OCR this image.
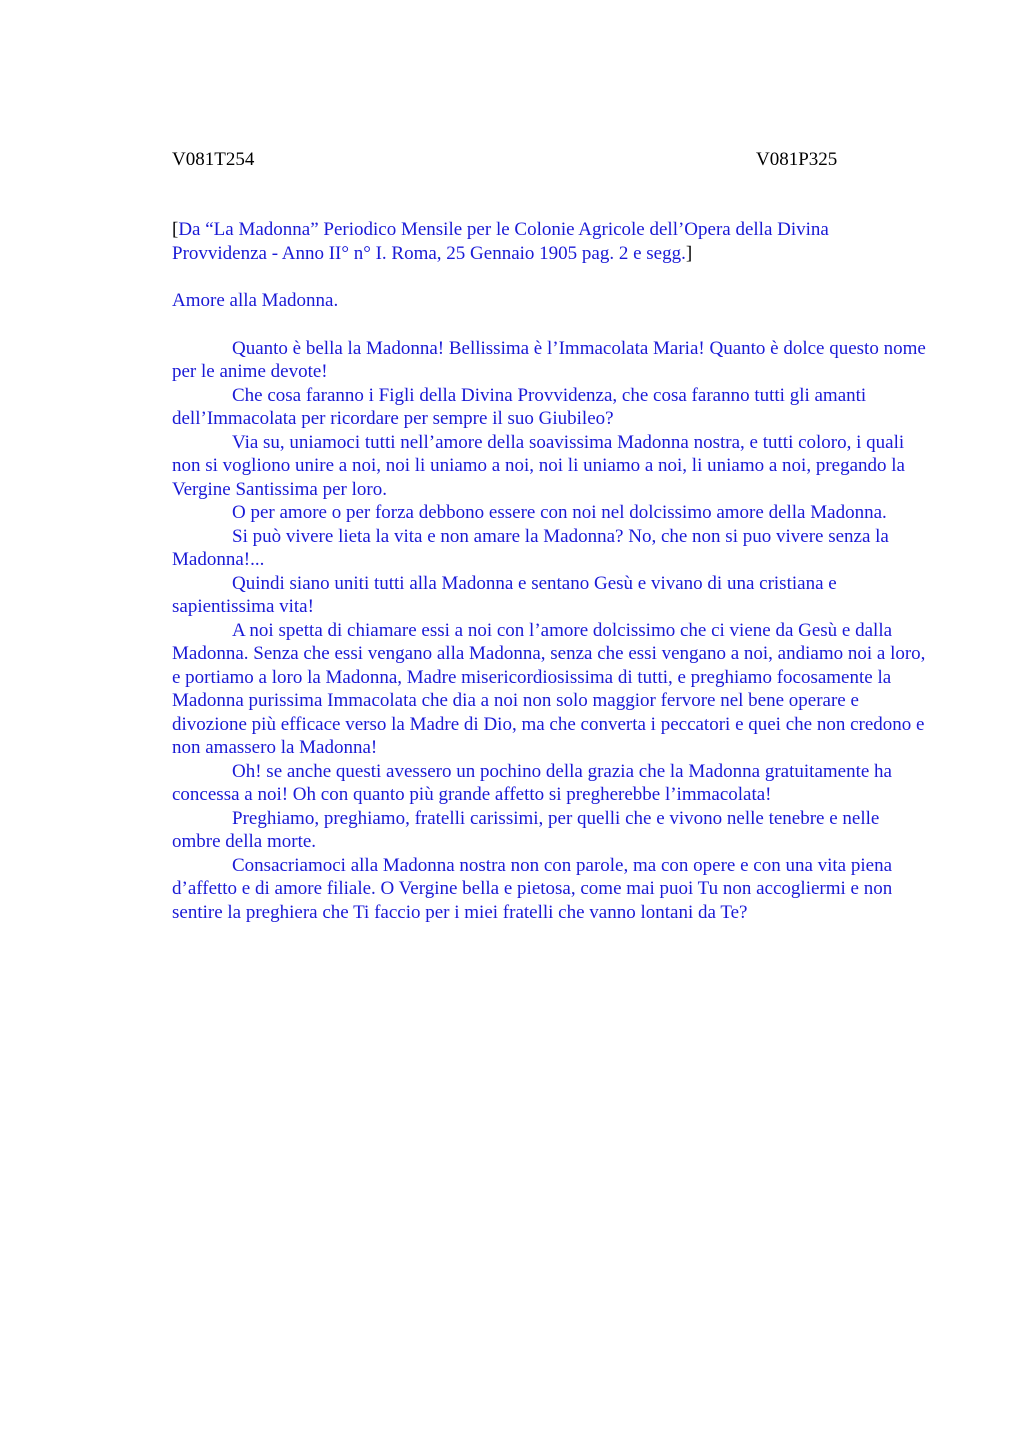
V081T254	V081P325

[Da “La Madonna” Periodico Mensile per le Colonie Agricole dell’Opera della Divina Provvidenza - Anno II° n° I. Roma, 25 Gennaio 1905 pag. 2 e segg.]

Amore alla Madonna.

Quanto è bella la Madonna! Bellissima è l’Immacolata Maria! Quanto è dolce questo nome per le anime devote!

Che cosa faranno i Figli della Divina Provvidenza, che cosa faranno tutti gli amanti dell’Immacolata per ricordare per sempre il suo Giubileo?

Via su, uniamoci tutti nell’amore della soavissima Madonna nostra, e tutti coloro, i quali non si vogliono unire a noi, noi li uniamo a noi, noi li uniamo a noi, li uniamo a noi, pregando la Vergine Santissima per loro.

O per amore o per forza debbono essere con noi nel dolcissimo amore della Madonna.

Si può vivere lieta la vita e non amare la Madonna? No, che non si puo vivere senza la Madonna!...

Quindi siano uniti tutti alla Madonna e sentano Gesù e vivano di una cristiana e sapientissima vita!

A noi spetta di chiamare essi a noi con l’amore dolcissimo che ci viene da Gesù e dalla Madonna. Senza che essi vengano alla Madonna, senza che essi vengano a noi, andiamo noi a loro, e portiamo a loro la Madonna, Madre misericordiosissima di tutti, e preghiamo focosamente la Madonna purissima Immacolata che dia a noi non solo maggior fervore nel bene operare e divozione più efficace verso la Madre di Dio, ma che converta i peccatori e quei che non credono e non amassero la Madonna!

Oh! se anche questi avessero un pochino della grazia che la Madonna gratuitamente ha concessa a noi! Oh con quanto più grande affetto si pregherebbe l’immacolata!

Preghiamo, preghiamo, fratelli carissimi, per quelli che e vivono nelle tenebre e nelle ombre della morte.

Consacriamoci alla Madonna nostra non con parole, ma con opere e con una vita piena d’affetto e di amore filiale. O Vergine bella e pietosa, come mai puoi Tu non accogliermi e non sentire la preghiera che Ti faccio per i miei fratelli che vanno lontani da Te?
